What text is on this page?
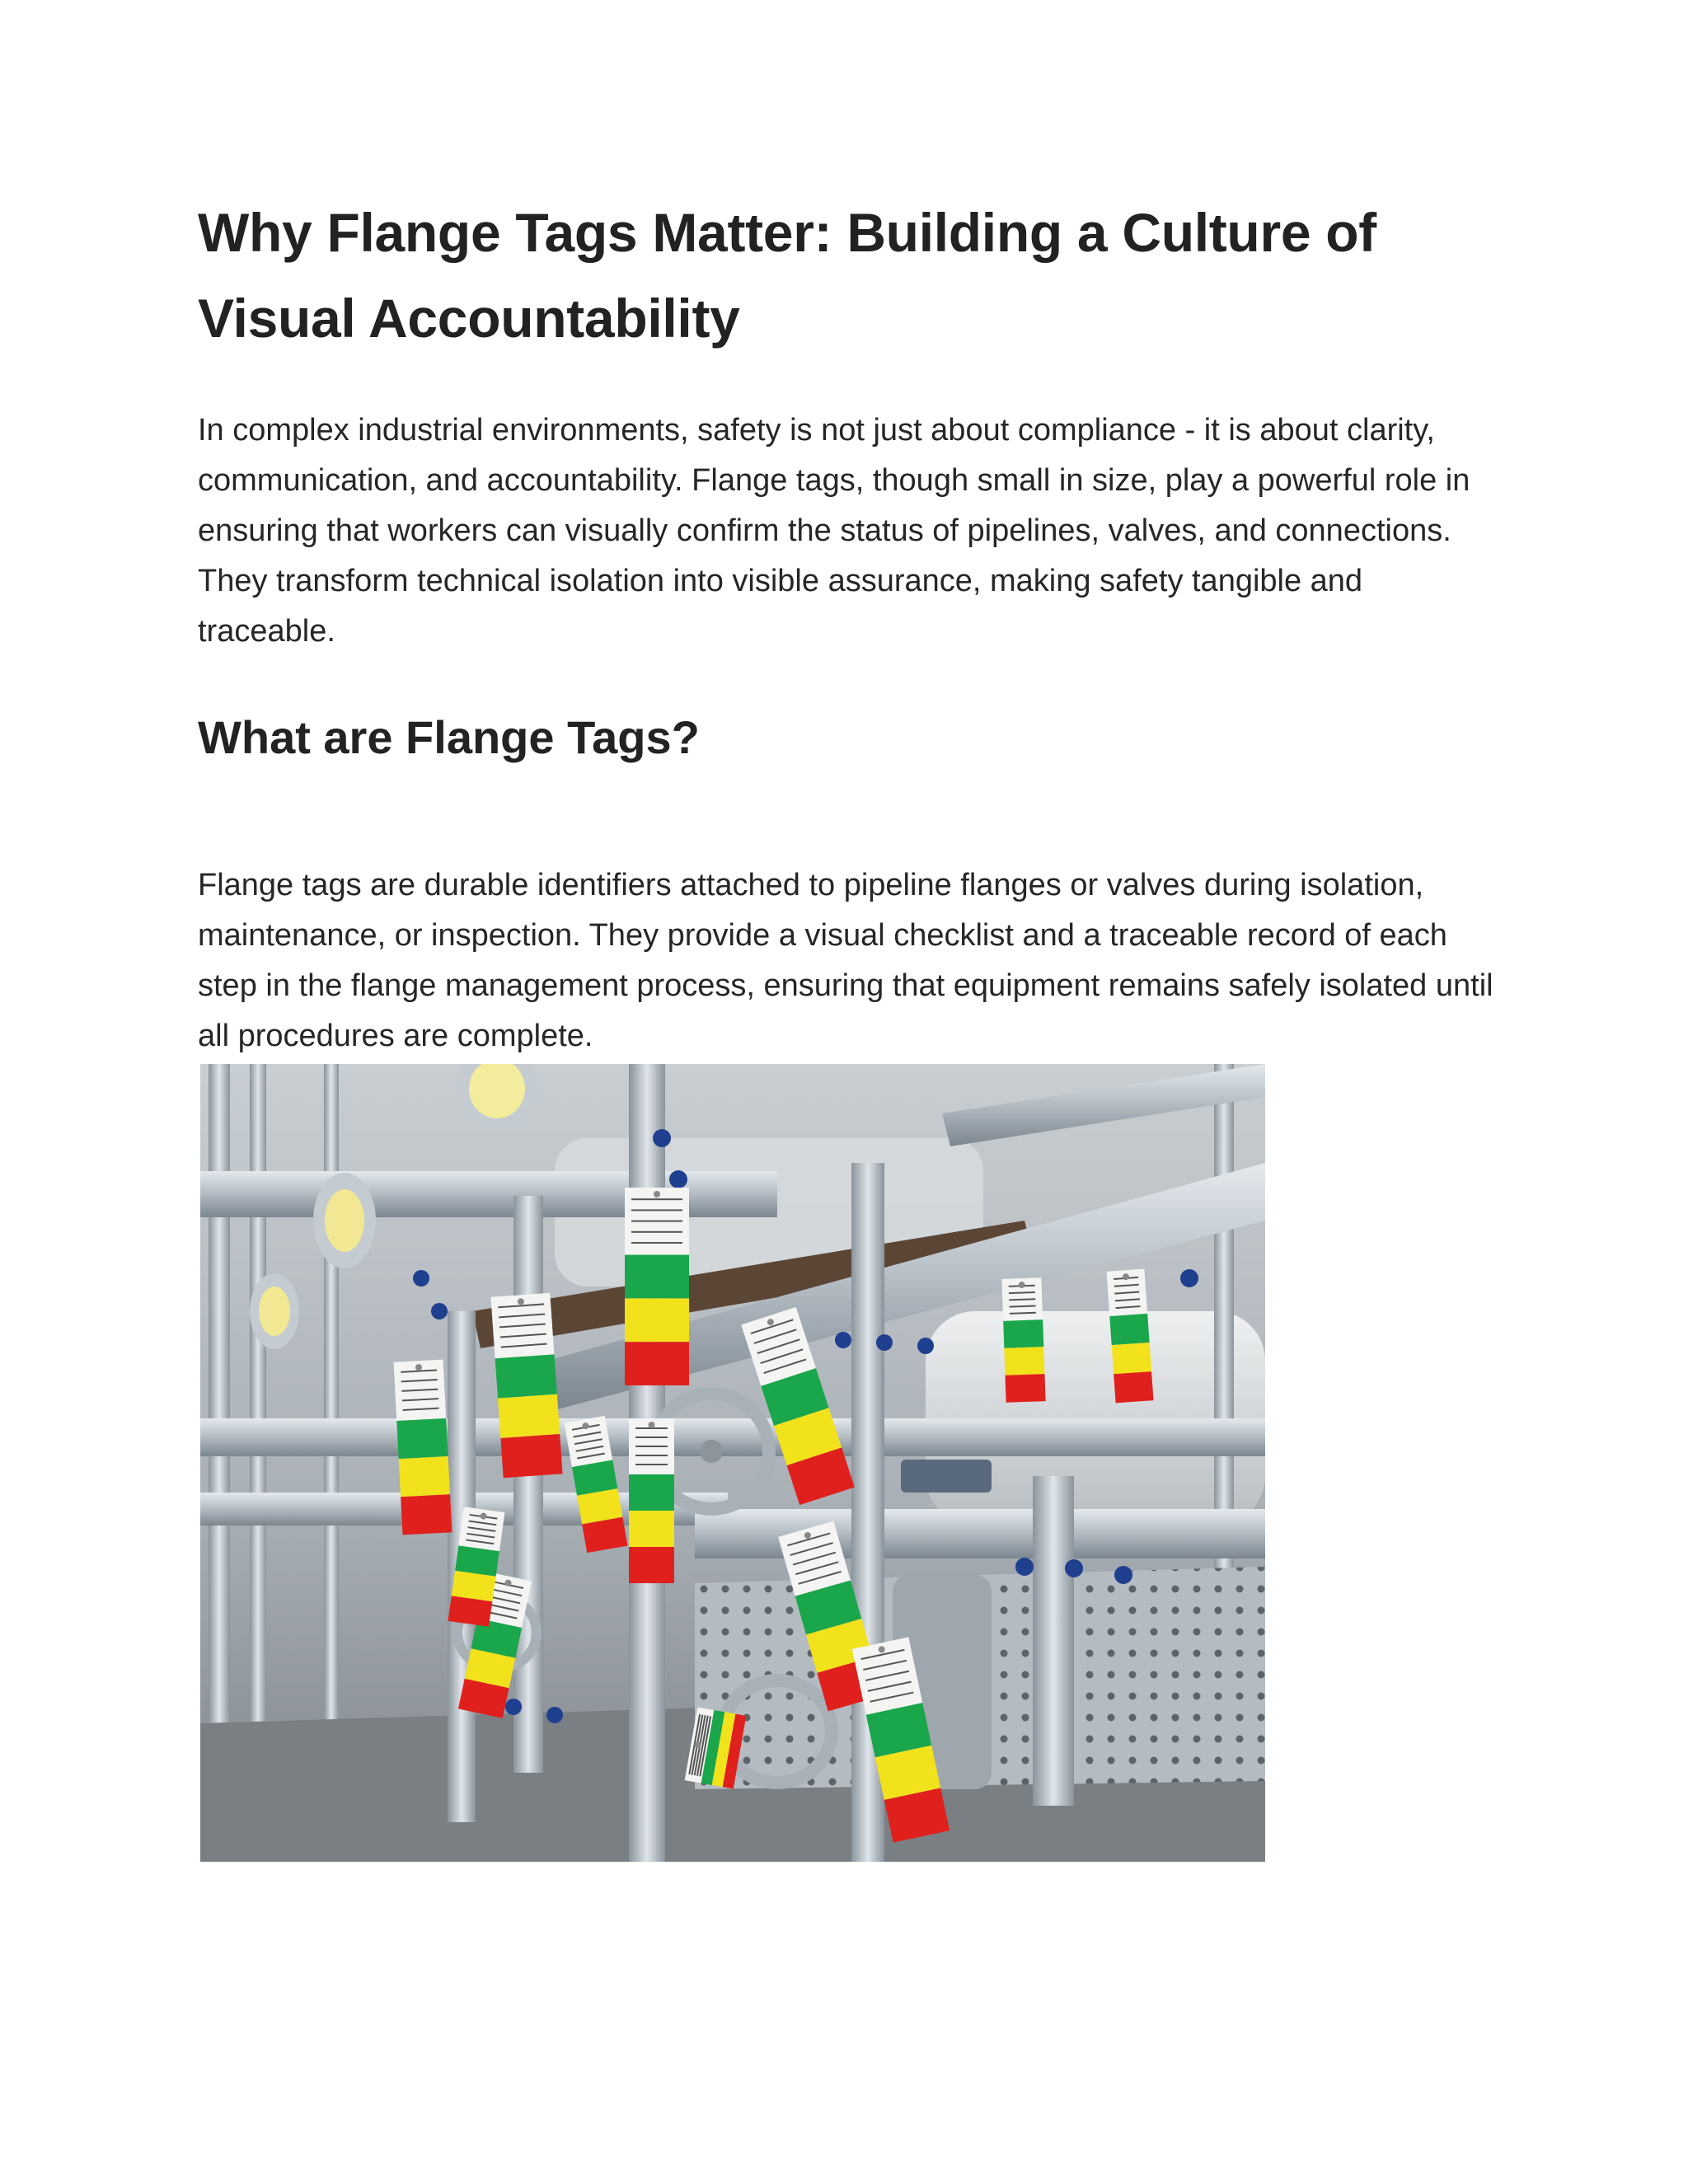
Why Flange Tags Matter: Building a Culture of Visual Accountability

In complex industrial environments, safety is not just about compliance - it is about clarity, communication, and accountability. Flange tags, though small in size, play a powerful role in ensuring that workers can visually confirm the status of pipelines, valves, and connections. They transform technical isolation into visible assurance, making safety tangible and traceable.

What are Flange Tags?

Flange tags are durable identifiers attached to pipeline flanges or valves during isolation, maintenance, or inspection. They provide a visual checklist and a traceable record of each step in the flange management process, ensuring that equipment remains safely isolated until all procedures are complete.
